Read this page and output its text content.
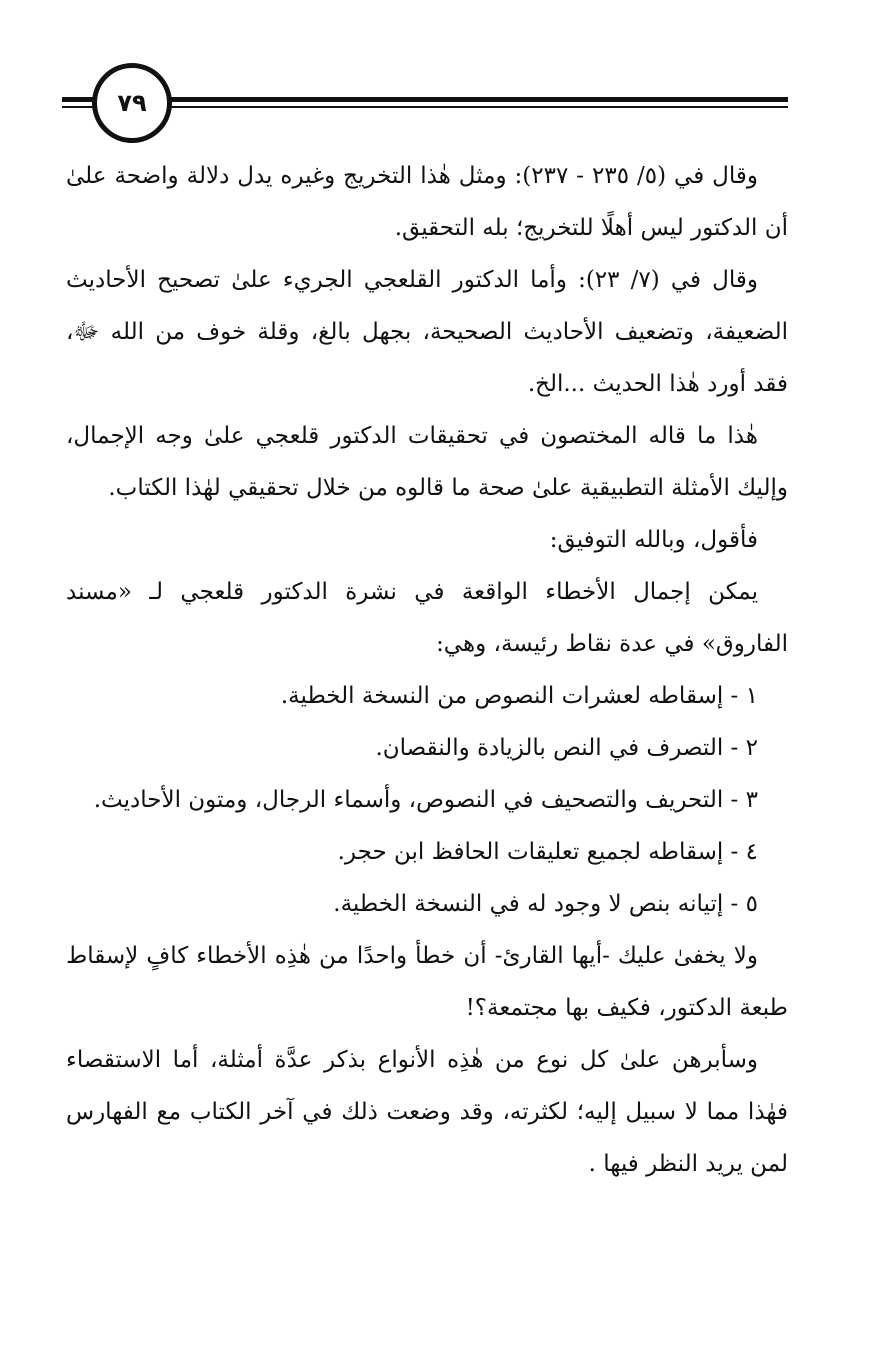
٧٩

وقال في (٥/ ٢٣٥ - ٢٣٧): ومثل هٰذا التخريج وغيره يدل دلالة واضحة علىٰ أن الدكتور ليس أهلًا للتخريج؛ بله التحقيق.

وقال في (٧/ ٢٣): وأما الدكتور القلعجي الجريء علىٰ تصحيح الأحاديث الضعيفة، وتضعيف الأحاديث الصحيحة، بجهل بالغ، وقلة خوف من الله ﷻ، فقد أورد هٰذا الحديث ...الخ.

هٰذا ما قاله المختصون في تحقيقات الدكتور قلعجي علىٰ وجه الإجمال، وإليك الأمثلة التطبيقية علىٰ صحة ما قالوه من خلال تحقيقي لهٰذا الكتاب.

فأقول، وبالله التوفيق:

يمكن إجمال الأخطاء الواقعة في نشرة الدكتور قلعجي لـ «مسند الفاروق» في عدة نقاط رئيسة، وهي:

١ - إسقاطه لعشرات النصوص من النسخة الخطية.

٢ - التصرف في النص بالزيادة والنقصان.

٣ - التحريف والتصحيف في النصوص، وأسماء الرجال، ومتون الأحاديث.

٤ - إسقاطه لجميع تعليقات الحافظ ابن حجر.

٥ - إتيانه بنص لا وجود له في النسخة الخطية.

ولا يخفىٰ عليك -أيها القارئ- أن خطأ واحدًا من هٰذِه الأخطاء كافٍ لإسقاط طبعة الدكتور، فكيف بها مجتمعة؟!

وسأبرهن علىٰ كل نوع من هٰذِه الأنواع بذكر عدَّة أمثلة، أما الاستقصاء فهٰذا مما لا سبيل إليه؛ لكثرته، وقد وضعت ذلك في آخر الكتاب مع الفهارس لمن يريد النظر فيها .
